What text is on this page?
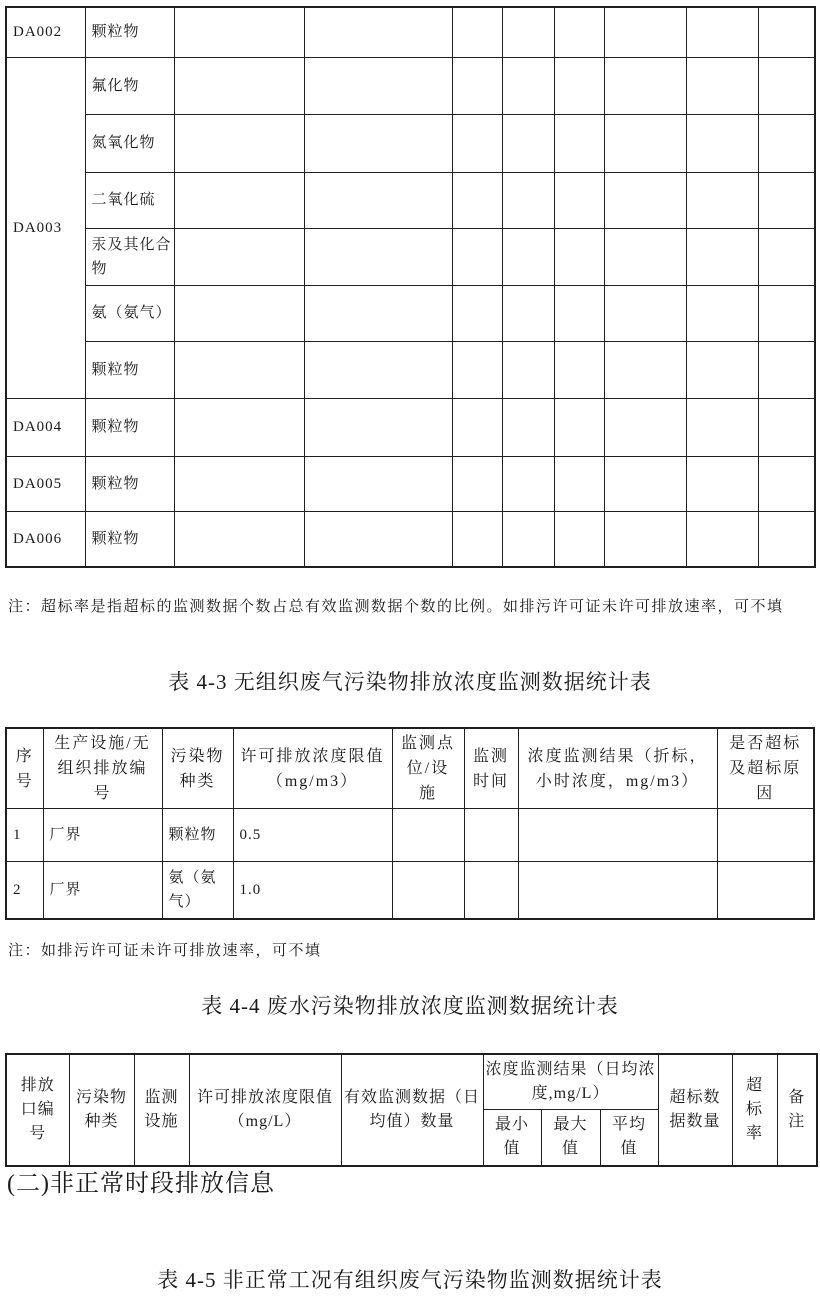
DA002	颗粒物								
DA003	氟化物								
	氮氧化物								
	二氧化硫								
	汞及其化合物								
	氨（氨气）								
	颗粒物								
DA004	颗粒物								
DA005	颗粒物								
DA006	颗粒物								
注：超标率是指超标的监测数据个数占总有效监测数据个数的比例。如排污许可证未许可排放速率，可不填
表 4-3 无组织废气污染物排放浓度监测数据统计表
序号	生产设施/无组织排放编号	污染物种类	许可排放浓度限值（mg/m3）	监测点位/设施	监测时间	浓度监测结果（折标，小时浓度，mg/m3）	是否超标及超标原因
1	厂界	颗粒物	0.5				
2	厂界	氨（氨气）	1.0				
注：如排污许可证未许可排放速率，可不填
表 4-4 废水污染物排放浓度监测数据统计表
排放口编号	污染物种类	监测设施	许可排放浓度限值（mg/L）	有效监测数据（日均值）数量	浓度监测结果（日均浓度,mg/L）			超标数据数量	超标率	备注
					最小值	最大值	平均值			
(二)非正常时段排放信息
表 4-5 非正常工况有组织废气污染物监测数据统计表
